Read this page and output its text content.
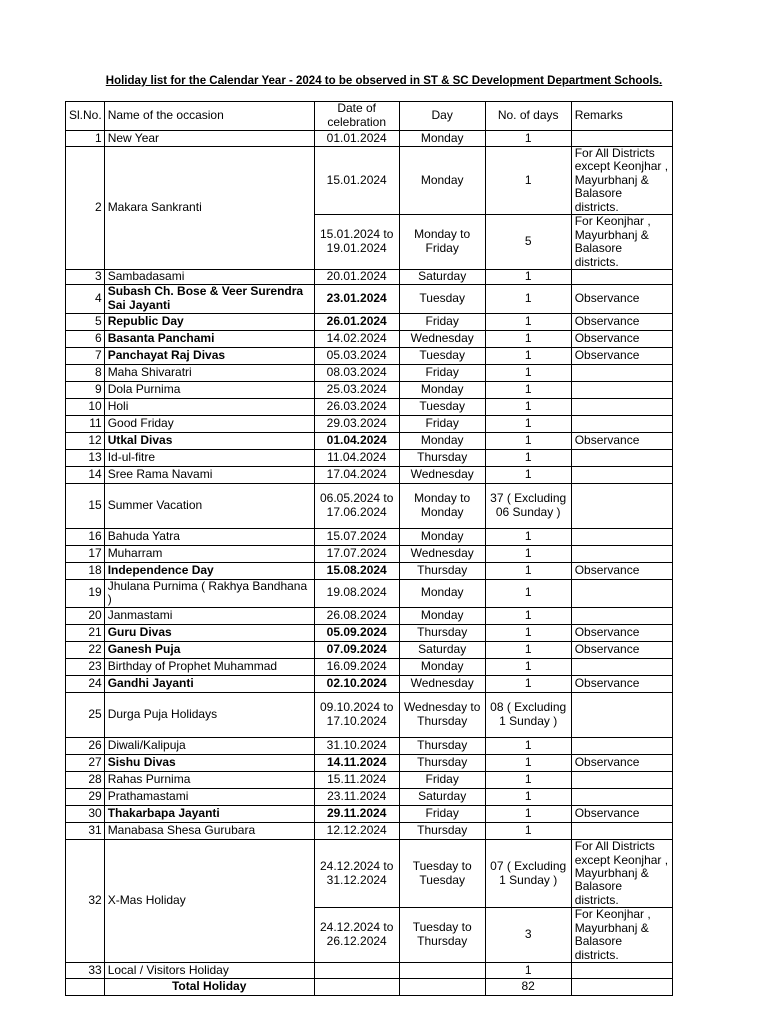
Holiday list for the Calendar Year - 2024 to be observed in ST & SC Development Department Schools.
Sl.No.	Name of the occasion	Date of celebration	Day	No. of days	Remarks
1	New Year	01.01.2024	Monday	1	
2	Makara Sankranti	15.01.2024	Monday	1	For All Districts except Keonjhar , Mayurbhanj & Balasore districts.
		15.01.2024 to 19.01.2024	Monday to Friday	5	For Keonjhar , Mayurbhanj & Balasore districts.
3	Sambadasami	20.01.2024	Saturday	1	
4	Subash Ch. Bose & Veer Surendra Sai Jayanti	23.01.2024	Tuesday	1	Observance
5	Republic Day	26.01.2024	Friday	1	Observance
6	Basanta Panchami	14.02.2024	Wednesday	1	Observance
7	Panchayat Raj Divas	05.03.2024	Tuesday	1	Observance
8	Maha Shivaratri	08.03.2024	Friday	1	
9	Dola Purnima	25.03.2024	Monday	1	
10	Holi	26.03.2024	Tuesday	1	
11	Good Friday	29.03.2024	Friday	1	
12	Utkal Divas	01.04.2024	Monday	1	Observance
13	Id-ul-fitre	11.04.2024	Thursday	1	
14	Sree Rama Navami	17.04.2024	Wednesday	1	
15	Summer Vacation	06.05.2024 to 17.06.2024	Monday to Monday	37 ( Excluding 06 Sunday )	
16	Bahuda Yatra	15.07.2024	Monday	1	
17	Muharram	17.07.2024	Wednesday	1	
18	Independence Day	15.08.2024	Thursday	1	Observance
19	Jhulana Purnima ( Rakhya Bandhana )	19.08.2024	Monday	1	
20	Janmastami	26.08.2024	Monday	1	
21	Guru Divas	05.09.2024	Thursday	1	Observance
22	Ganesh Puja	07.09.2024	Saturday	1	Observance
23	Birthday of Prophet Muhammad	16.09.2024	Monday	1	
24	Gandhi Jayanti	02.10.2024	Wednesday	1	Observance
25	Durga Puja Holidays	09.10.2024 to 17.10.2024	Wednesday to Thursday	08 ( Excluding 1 Sunday )	
26	Diwali/Kalipuja	31.10.2024	Thursday	1	
27	Sishu Divas	14.11.2024	Thursday	1	Observance
28	Rahas Purnima	15.11.2024	Friday	1	
29	Prathamastami	23.11.2024	Saturday	1	
30	Thakarbapa Jayanti	29.11.2024	Friday	1	Observance
31	Manabasa Shesa Gurubara	12.12.2024	Thursday	1	
32	X-Mas Holiday	24.12.2024 to 31.12.2024	Tuesday to Tuesday	07 ( Excluding 1 Sunday )	For All Districts except Keonjhar , Mayurbhanj & Balasore districts.
		24.12.2024 to 26.12.2024	Tuesday to Thursday	3	For Keonjhar , Mayurbhanj & Balasore districts.
33	Local / Visitors Holiday			1	
	Total Holiday			82	
